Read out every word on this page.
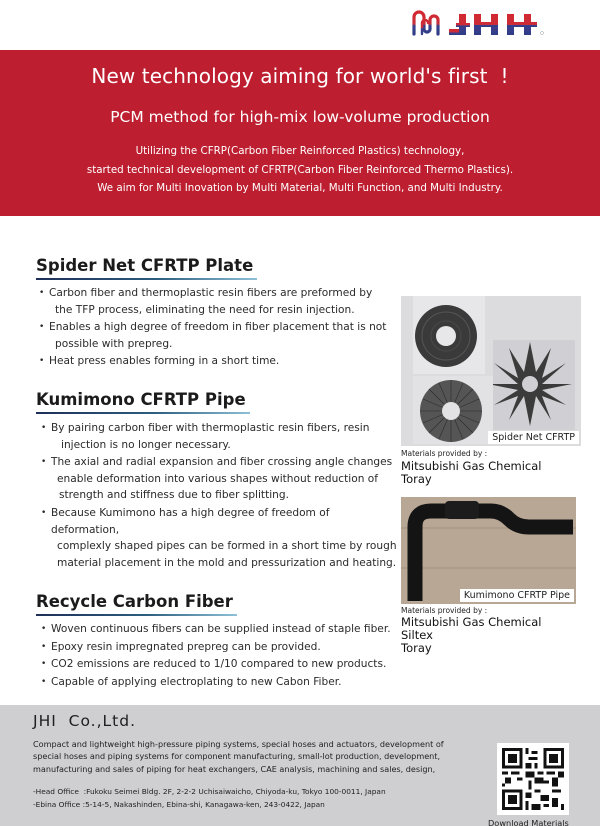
New technology aiming for world's first  !
PCM method for high-mix low-volume production
Utilizing the CFRP(Carbon Fiber Reinforced Plastics) technology,
started technical development of CFRTP(Carbon Fiber Reinforced Thermo Plastics).
We aim for Multi Inovation by Multi Material, Multi Function, and Multi Industry.
Spider Net CFRTP Plate
• Carbon fiber and thermoplastic resin fibers are preformed by
the TFP process, eliminating the need for resin injection.
• Enables a high degree of freedom in fiber placement that is not
possible with prepreg.
• Heat press enables forming in a short time.
Kumimono CFRTP Pipe
• By pairing carbon fiber with thermoplastic resin fibers, resin
injection is no longer necessary.
• The axial and radial expansion and fiber crossing angle changes
enable deformation into various shapes without reduction of
strength and stiffness due to fiber splitting.
• Because Kumimono has a high degree of freedom of deformation,
complexly shaped pipes can be formed in a short time by rough
material placement in the mold and pressurization and heating.
Recycle Carbon Fiber
• Woven continuous fibers can be supplied instead of staple fiber.
• Epoxy resin impregnated prepreg can be provided.
• CO2 emissions are reduced to 1/10 compared to new products.
• Capable of applying electroplating to new Cabon Fiber.
Spider Net CFRTP
Materials provided by :
Mitsubishi Gas Chemical
Toray
Kumimono CFRTP Pipe
Materials provided by :
Mitsubishi Gas Chemical
Siltex
Toray
JHI  Co.,Ltd.
Compact and lightweight high-pressure piping systems, special hoses and actuators, development of special hoses and piping systems for component manufacturing, small-lot production, development, manufacturing and sales of piping for heat exchangers, CAE analysis, machining and sales, design,
-Head Office  :Fukoku Seimei Bldg. 2F, 2-2-2 Uchisaiwaicho, Chiyoda-ku, Tokyo 100-0011, Japan
-Ebina Office :5-14-5, Nakashinden, Ebina-shi, Kanagawa-ken, 243-0422, Japan
Download Materials
